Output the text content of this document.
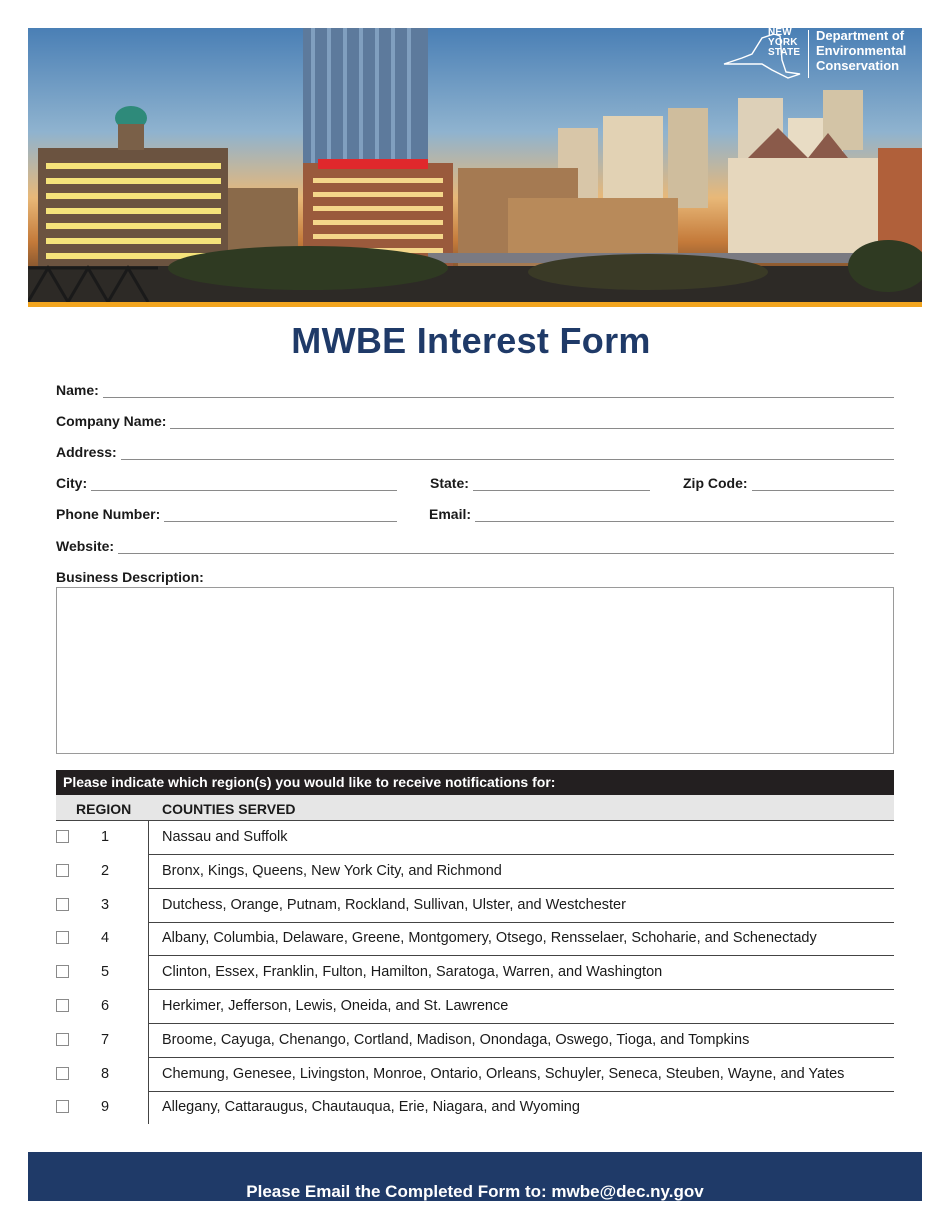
NEW
YORK
STATE
Department of
Environmental
Conservation
MWBE Interest Form
Name:
Company Name:
Address:
City:	State:	Zip Code:
Phone Number:	Email:
Website:
Business Description:
Please indicate which region(s) you would like to receive notifications for:
REGION COUNTIES SERVED
1	Nassau and Suffolk
2	Bronx, Kings, Queens, New York City, and Richmond
3	Dutchess, Orange, Putnam, Rockland, Sullivan, Ulster, and Westchester
4	Albany, Columbia, Delaware, Greene, Montgomery, Otsego, Rensselaer, Schoharie, and Schenectady
5	Clinton, Essex, Franklin, Fulton, Hamilton, Saratoga, Warren, and Washington
6	Herkimer, Jefferson, Lewis, Oneida, and St. Lawrence
7	Broome, Cayuga, Chenango, Cortland, Madison, Onondaga, Oswego, Tioga, and Tompkins
8	Chemung, Genesee, Livingston, Monroe, Ontario, Orleans, Schuyler, Seneca, Steuben, Wayne, and Yates
9	Allegany, Cattaraugus, Chautauqua, Erie, Niagara, and Wyoming
Please Email the Completed Form to: mwbe@dec.ny.gov
